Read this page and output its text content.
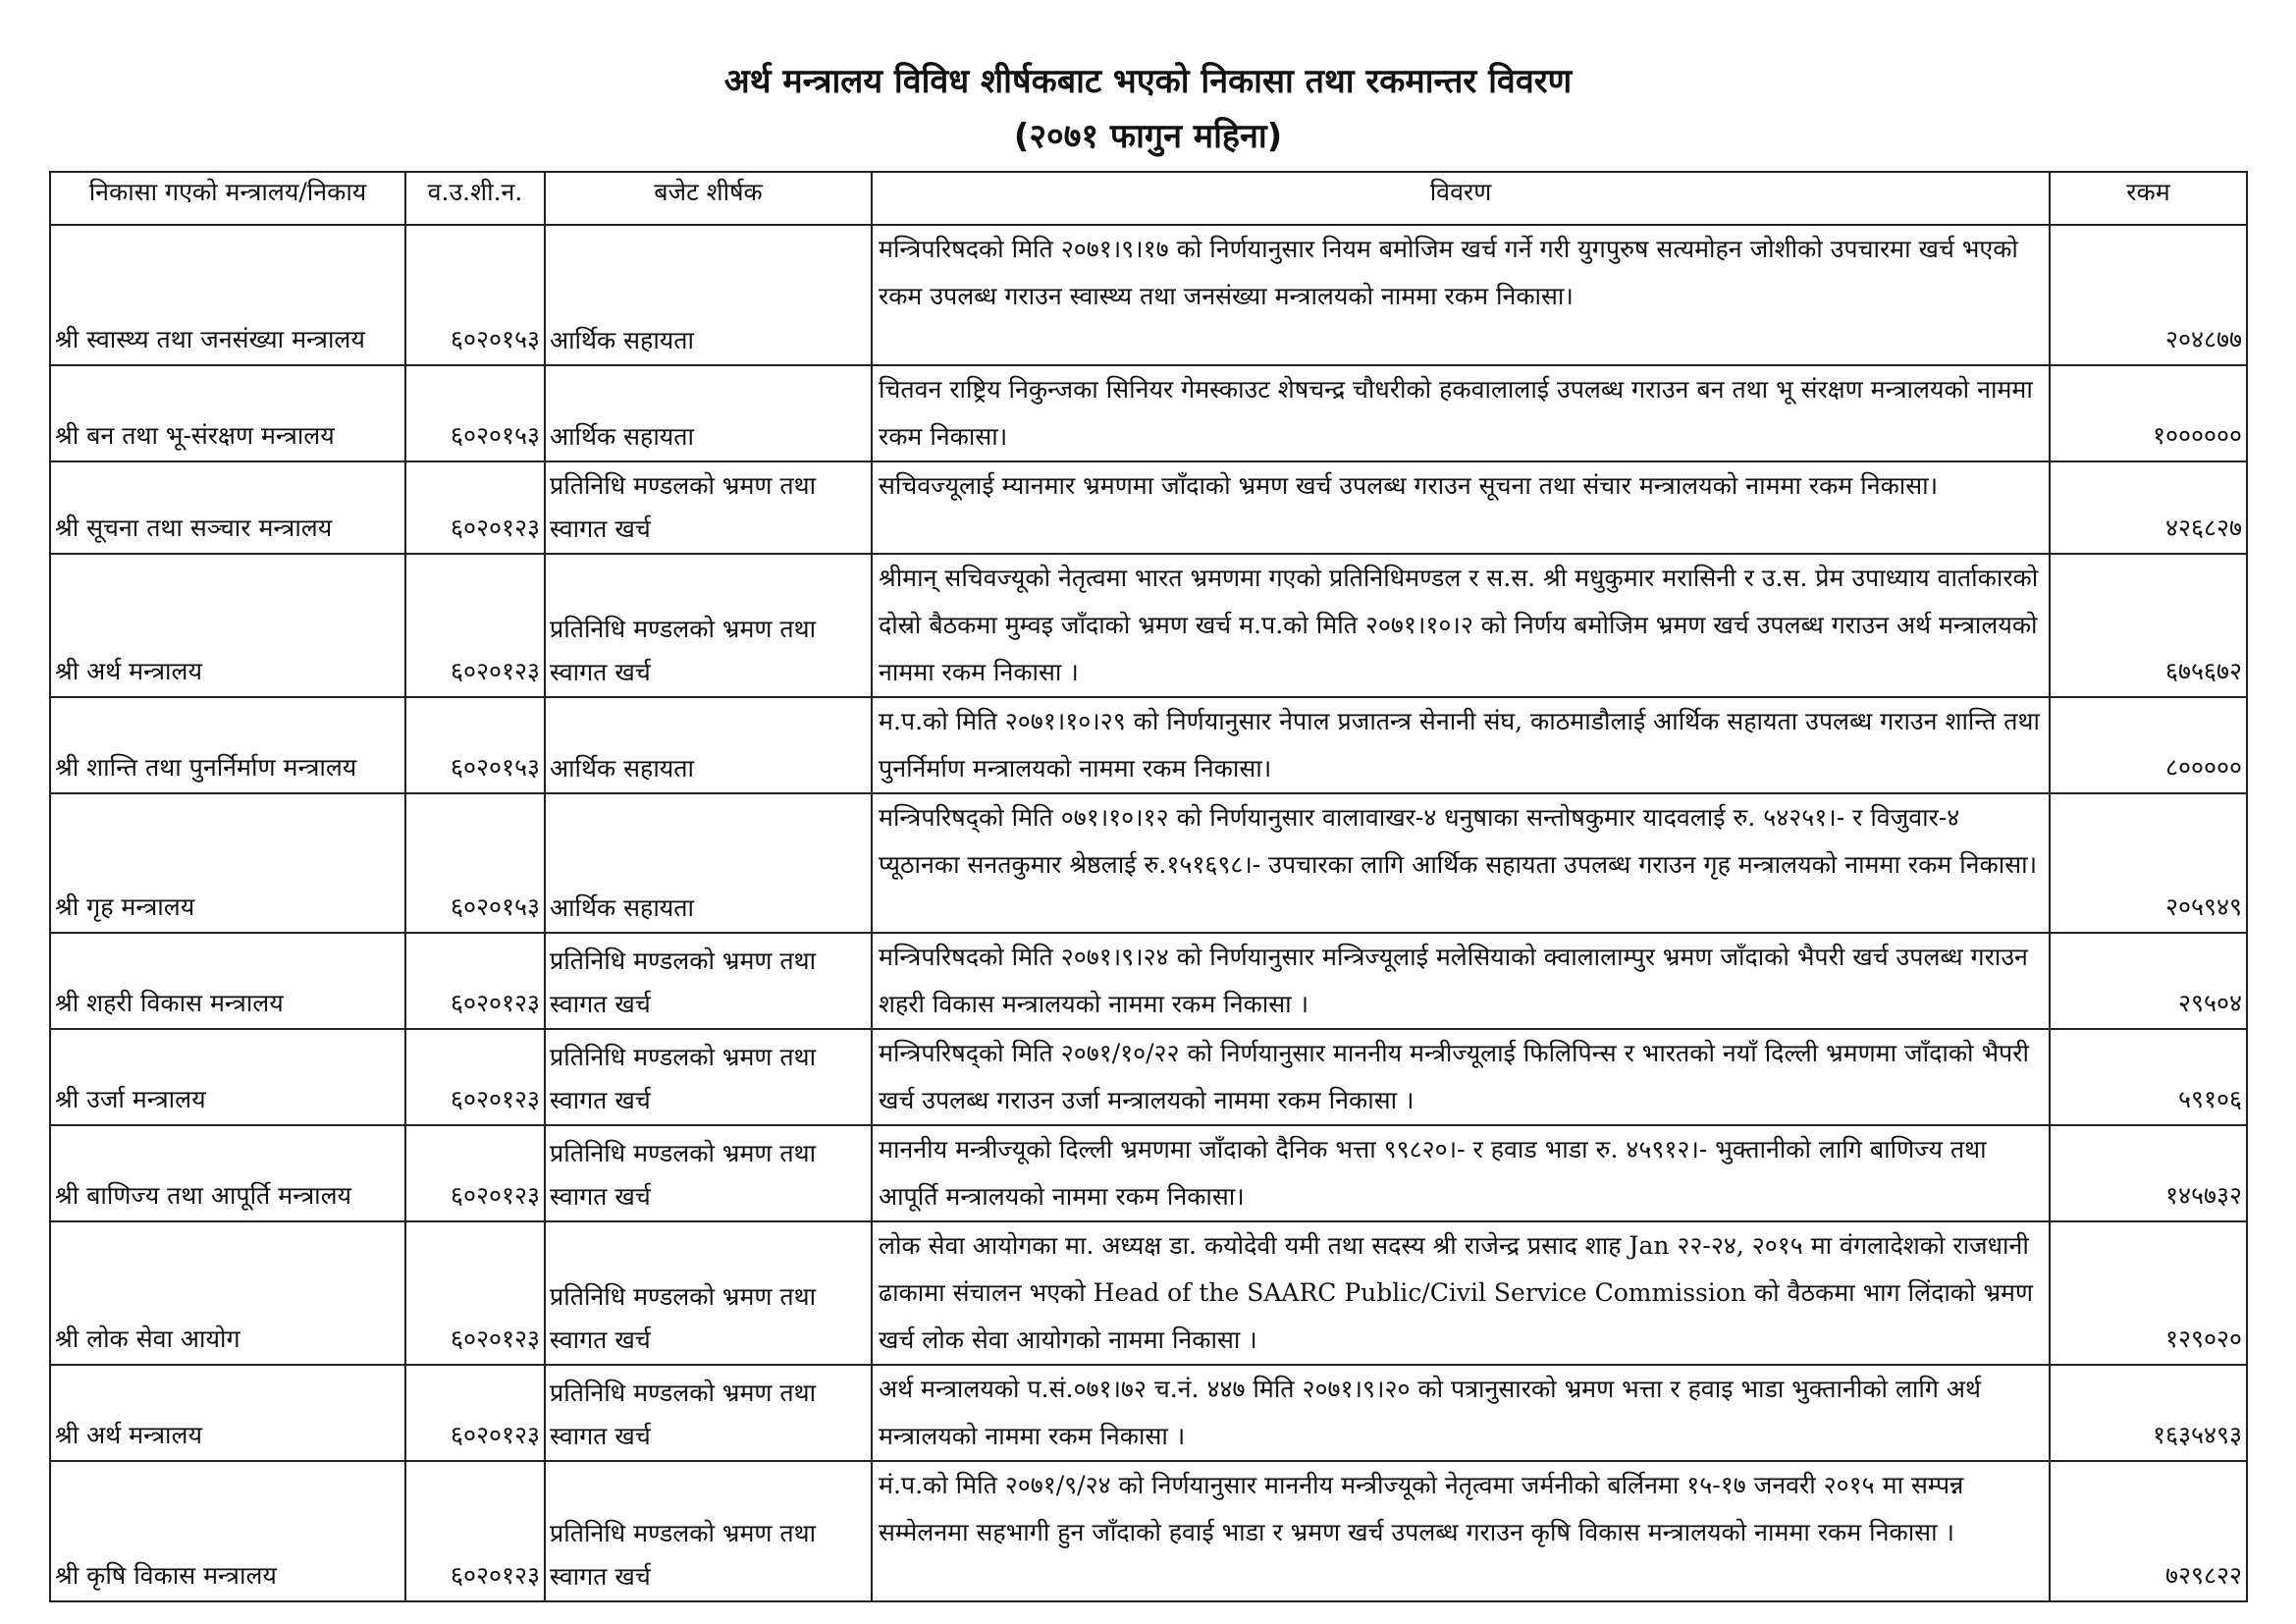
अर्थ मन्त्रालय विविध शीर्षकबाट भएको निकासा तथा रकमान्तर विवरण
(२०७१ फागुन महिना)
निकासा गएको मन्त्रालय/निकाय	व.उ.शी.न.	बजेट शीर्षक	विवरण	रकम
श्री स्वास्थ्य तथा जनसंख्या मन्त्रालय	६०२०१५३	आर्थिक सहायता	मन्त्रिपरिषदको मिति २०७१।९।१७ को निर्णयानुसार नियम बमोजिम खर्च गर्ने गरी युगपुरुष सत्यमोहन जोशीको उपचारमा खर्च भएको रकम उपलब्ध गराउन स्वास्थ्य तथा जनसंख्या मन्त्रालयको नाममा रकम निकासा।	२०४८७७
श्री बन तथा भू-संरक्षण मन्त्रालय	६०२०१५३	आर्थिक सहायता	चितवन राष्ट्रिय निकुन्जका सिनियर गेमस्काउट शेषचन्द्र चौधरीको हकवालालाई उपलब्ध गराउन बन तथा भू संरक्षण मन्त्रालयको नाममा रकम निकासा।	१००००००
श्री सूचना तथा सञ्चार मन्त्रालय	६०२०१२३	प्रतिनिधि मण्डलको भ्रमण तथा स्वागत खर्च	सचिवज्यूलाई म्यानमार भ्रमणमा जाँदाको भ्रमण खर्च उपलब्ध गराउन सूचना तथा संचार मन्त्रालयको नाममा रकम निकासा।	४२६८२७
श्री अर्थ मन्त्रालय	६०२०१२३	प्रतिनिधि मण्डलको भ्रमण तथा स्वागत खर्च	श्रीमान् सचिवज्यूको नेतृत्वमा भारत भ्रमणमा गएको प्रतिनिधिमण्डल र स.स. श्री मधुकुमार मरासिनी र उ.स. प्रेम उपाध्याय वार्ताकारको दोस्रो बैठकमा मुम्वइ जाँदाको भ्रमण खर्च म.प.को मिति २०७१।१०।२ को निर्णय बमोजिम भ्रमण खर्च उपलब्ध गराउन अर्थ मन्त्रालयको नाममा रकम निकासा ।	६७५६७२
श्री शान्ति तथा पुनर्निर्माण मन्त्रालय	६०२०१५३	आर्थिक सहायता	म.प.को मिति २०७१।१०।२९ को निर्णयानुसार नेपाल प्रजातन्त्र सेनानी संघ, काठमाडौलाई आर्थिक सहायता उपलब्ध गराउन शान्ति तथा पुनर्निर्माण मन्त्रालयको नाममा रकम निकासा।	८०००००
श्री गृह मन्त्रालय	६०२०१५३	आर्थिक सहायता	मन्त्रिपरिषद्को मिति ०७१।१०।१२ को निर्णयानुसार वालावाखर-४ धनुषाका सन्तोषकुमार यादवलाई रु. ५४२५१।- र विजुवार-४ प्यूठानका सनतकुमार श्रेष्ठलाई रु.१५१६९८।- उपचारका लागि आर्थिक सहायता उपलब्ध गराउन गृह मन्त्रालयको नाममा रकम निकासा।	२०५९४९
श्री शहरी विकास मन्त्रालय	६०२०१२३	प्रतिनिधि मण्डलको भ्रमण तथा स्वागत खर्च	मन्त्रिपरिषदको मिति २०७१।९।२४ को निर्णयानुसार मन्त्रिज्यूलाई मलेसियाको क्वालालाम्पुर भ्रमण जाँदाको भैपरी खर्च उपलब्ध गराउन शहरी विकास मन्त्रालयको नाममा रकम निकासा ।	२९५०४
श्री उर्जा मन्त्रालय	६०२०१२३	प्रतिनिधि मण्डलको भ्रमण तथा स्वागत खर्च	मन्त्रिपरिषद्को मिति २०७१/१०/२२ को निर्णयानुसार माननीय मन्त्रीज्यूलाई फिलिपिन्स र भारतको नयाँ दिल्ली भ्रमणमा जाँदाको भैपरी खर्च उपलब्ध गराउन उर्जा मन्त्रालयको नाममा रकम निकासा ।	५९१०६
श्री बाणिज्य तथा आपूर्ति मन्त्रालय	६०२०१२३	प्रतिनिधि मण्डलको भ्रमण तथा स्वागत खर्च	माननीय मन्त्रीज्यूको दिल्ली भ्रमणमा जाँदाको दैनिक भत्ता ९९८२०।- र हवाड भाडा रु. ४५९१२।- भुक्तानीको लागि बाणिज्य तथा आपूर्ति मन्त्रालयको नाममा रकम निकासा।	१४५७३२
श्री लोक सेवा आयोग	६०२०१२३	प्रतिनिधि मण्डलको भ्रमण तथा स्वागत खर्च	लोक सेवा आयोगका मा. अध्यक्ष डा. कयोदेवी यमी तथा सदस्य श्री राजेन्द्र प्रसाद शाह Jan २२-२४, २०१५ मा वंगलादेशको राजधानी ढाकामा संचालन भएको Head of the SAARC Public/Civil Service Commission को वैठकमा भाग लिंदाको भ्रमण खर्च लोक सेवा आयोगको नाममा निकासा ।	१२९०२०
श्री अर्थ मन्त्रालय	६०२०१२३	प्रतिनिधि मण्डलको भ्रमण तथा स्वागत खर्च	अर्थ मन्त्रालयको प.सं.०७१।७२ च.नं. ४४७ मिति २०७१।९।२० को पत्रानुसारको भ्रमण भत्ता र हवाइ भाडा भुक्तानीको लागि अर्थ मन्त्रालयको नाममा रकम निकासा ।	१६३५४९३
श्री कृषि विकास मन्त्रालय	६०२०१२३	प्रतिनिधि मण्डलको भ्रमण तथा स्वागत खर्च	मं.प.को मिति २०७१/९/२४ को निर्णयानुसार माननीय मन्त्रीज्यूको नेतृत्वमा जर्मनीको बर्लिनमा १५-१७ जनवरी २०१५ मा सम्पन्न सम्मेलनमा सहभागी हुन जाँदाको हवाई भाडा र भ्रमण खर्च उपलब्ध गराउन कृषि विकास मन्त्रालयको नाममा रकम निकासा ।	७२९८२२
